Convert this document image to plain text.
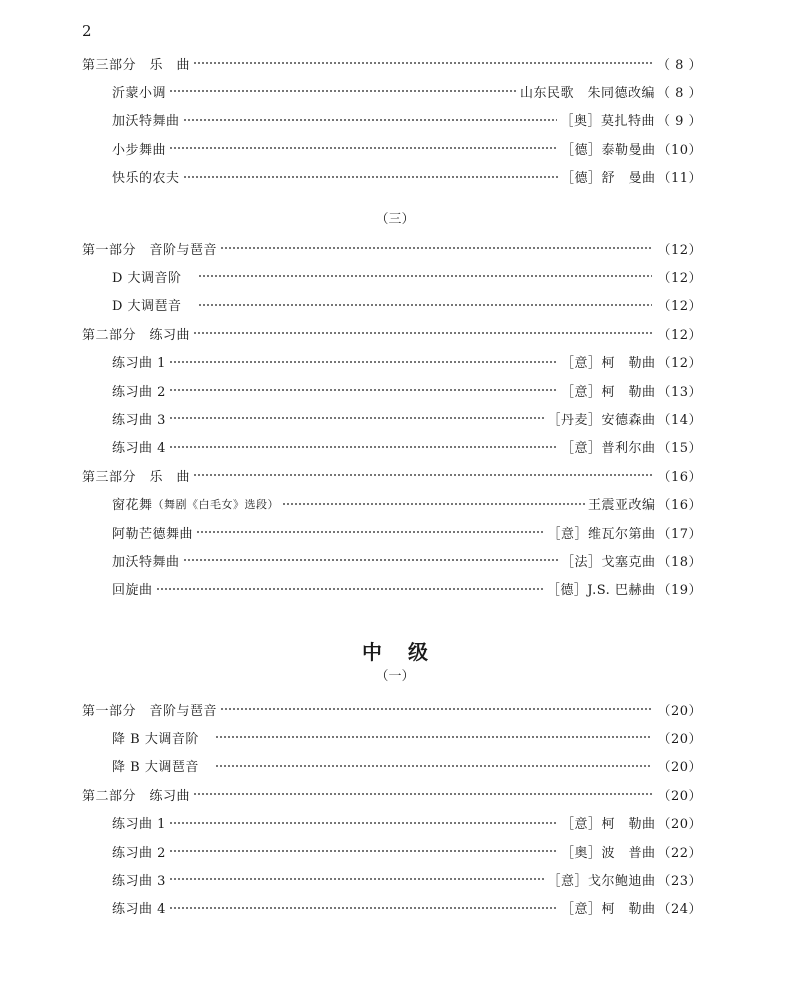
2
（三）
中级
（一）
第三部分　乐　曲	（ 8 ）
沂蒙小调	山东民歌　朱同德改编 （ 8 ）
加沃特舞曲	［奥］莫扎特曲 （ 9 ）
小步舞曲	［德］泰勒曼曲 （10）
快乐的农夫	［德］舒　曼曲 （11）
第一部分　音阶与琶音	（12）
D 大调音阶　	（12）
D 大调琶音　	（12）
第二部分　练习曲	（12）
练习曲 1	［意］柯　勒曲 （12）
练习曲 2	［意］柯　勒曲 （13）
练习曲 3	［丹麦］安德森曲 （14）
练习曲 4	［意］普利尔曲 （15）
第三部分　乐　曲	（16）
窗花舞 （舞剧《白毛女》选段）	王震亚改编 （16）
阿勒芒德舞曲	［意］维瓦尔第曲 （17）
加沃特舞曲	［法］戈塞克曲 （18）
回旋曲	［德］J.S. 巴赫曲 （19）
第一部分　音阶与琶音	（20）
降 B 大调音阶　	（20）
降 B 大调琶音　	（20）
第二部分　练习曲	（20）
练习曲 1	［意］柯　勒曲 （20）
练习曲 2	［奥］波　普曲 （22）
练习曲 3	［意］戈尔鲍迪曲 （23）
练习曲 4	［意］柯　勒曲 （24）
